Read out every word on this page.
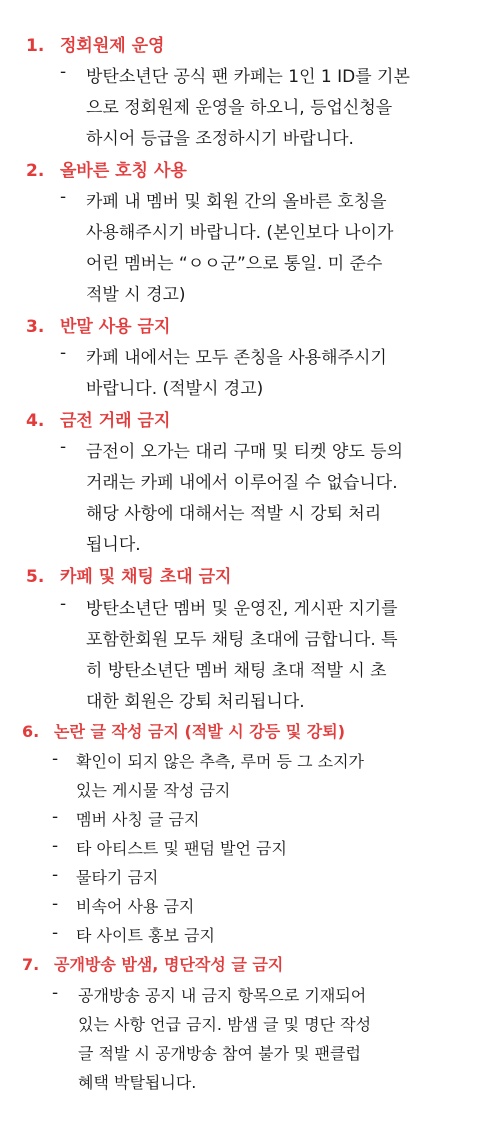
1. 정회원제 운영
- 방탄소년단 공식 팬 카페는 1인 1 ID를 기본
으로 정회원제 운영을 하오니, 등업신청을
하시어 등급을 조정하시기 바랍니다.
2. 올바른 호칭 사용
- 카페 내 멤버 및 회원 간의 올바른 호칭을
사용해주시기 바랍니다. (본인보다 나이가
어린 멤버는 “ㅇㅇ군”으로 통일. 미 준수
적발 시 경고)
3. 반말 사용 금지
- 카페 내에서는 모두 존칭을 사용해주시기
바랍니다. (적발시 경고)
4. 금전 거래 금지
- 금전이 오가는 대리 구매 및 티켓 양도 등의
거래는 카페 내에서 이루어질 수 없습니다.
해당 사항에 대해서는 적발 시 강퇴 처리
됩니다.
5. 카페 및 채팅 초대 금지
- 방탄소년단 멤버 및 운영진, 게시판 지기를
포함한회원 모두 채팅 초대에 금합니다. 특
히 방탄소년단 멤버 채팅 초대 적발 시 초
대한 회원은 강퇴 처리됩니다.
6. 논란 글 작성 금지 (적발 시 강등 및 강퇴)
- 확인이 되지 않은 추측, 루머 등 그 소지가
있는 게시물 작성 금지
- 멤버 사칭 글 금지
- 타 아티스트 및 팬덤 발언 금지
- 물타기 금지
- 비속어 사용 금지
- 타 사이트 홍보 금지
7. 공개방송 밤샘, 명단작성 글 금지
- 공개방송 공지 내 금지 항목으로 기재되어
있는 사항 언급 금지. 밤샘 글 및 명단 작성
글 적발 시 공개방송 참여 불가 및 팬클럽
혜택 박탈됩니다.
